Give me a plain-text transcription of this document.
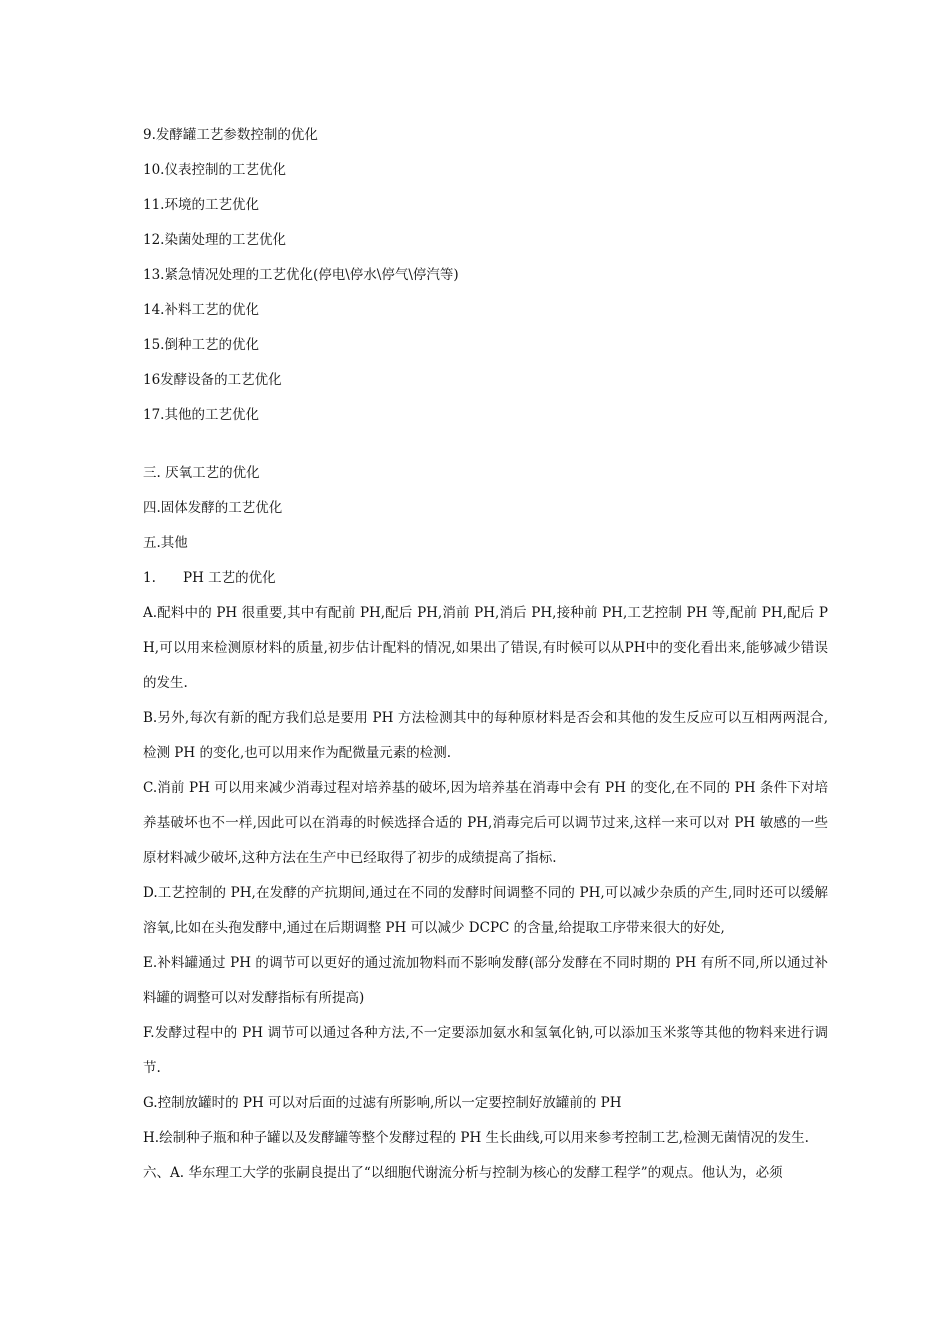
9.发酵罐工艺参数控制的优化
10.仪表控制的工艺优化
11.环境的工艺优化
12.染菌处理的工艺优化
13.紧急情况处理的工艺优化(停电\停水\停气\停汽等)
14.补料工艺的优化
15.倒种工艺的优化
16发酵设备的工艺优化
17.其他的工艺优化
三. 厌氧工艺的优化
四.固体发酵的工艺优化
五.其他
1. PH 工艺的优化

A.配料中的 PH 很重要,其中有配前 PH,配后 PH,消前 PH,消后 PH,接种前 PH,工艺控制 PH 等,配前 PH,配后 PH,可以用来检测原材料的质量,初步估计配料的情况,如果出了错误,有时候可以从PH中的变化看出来,能够减少错误的发生.

B.另外,每次有新的配方我们总是要用 PH 方法检测其中的每种原材料是否会和其他的发生反应可以互相两两混合,检测 PH 的变化,也可以用来作为配微量元素的检测.

C.消前 PH 可以用来减少消毒过程对培养基的破坏,因为培养基在消毒中会有 PH 的变化,在不同的 PH 条件下对培养基破坏也不一样,因此可以在消毒的时候选择合适的 PH,消毒完后可以调节过来,这样一来可以对 PH 敏感的一些原材料减少破坏,这种方法在生产中已经取得了初步的成绩提高了指标.

D.工艺控制的 PH,在发酵的产抗期间,通过在不同的发酵时间调整不同的 PH,可以减少杂质的产生,同时还可以缓解溶氧,比如在头孢发酵中,通过在后期调整 PH 可以减少 DCPC 的含量,给提取工序带来很大的好处,

E.补料罐通过 PH 的调节可以更好的通过流加物料而不影响发酵(部分发酵在不同时期的 PH 有所不同,所以通过补料罐的调整可以对发酵指标有所提高)

F.发酵过程中的 PH 调节可以通过各种方法,不一定要添加氨水和氢氧化钠,可以添加玉米浆等其他的物料来进行调节.

G.控制放罐时的 PH 可以对后面的过滤有所影响,所以一定要控制好放罐前的 PH

H.绘制种子瓶和种子罐以及发酵罐等整个发酵过程的 PH 生长曲线,可以用来参考控制工艺,检测无菌情况的发生.

六、A. 华东理工大学的张嗣良提出了“以细胞代谢流分析与控制为核心的发酵工程学”的观点。他认为，必须
